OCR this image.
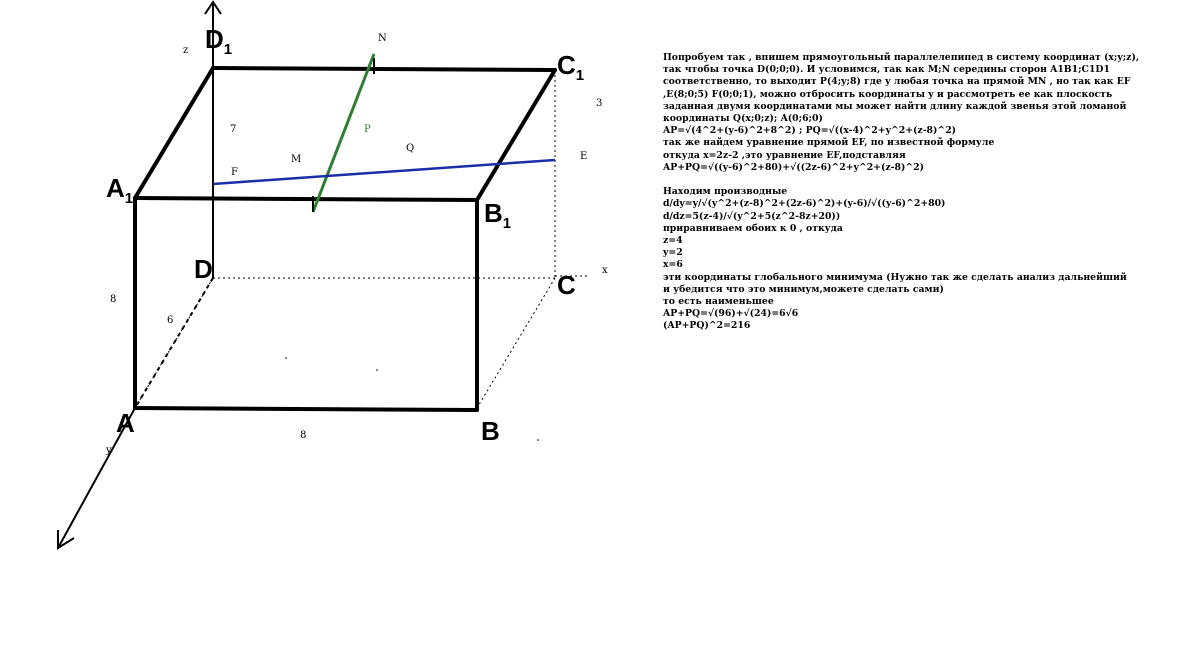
D1
C1
A1	B1
D
C
A	B
z
x
y
N
M
P
Q
F
E
7
3
8
6
8
Попробуем так , впишем прямоугольный параллелепипед в систему координат (x;y;z),
так чтобы точка D(0;0;0). И условимся, так как M;N середины сторон A1B1;C1D1
соответственно, то выходит P(4;y;8) где y любая точка на прямой MN , но так как EF
,E(8;0;5) F(0;0;1), можно отбросить координаты y и рассмотреть ее как плоскость
заданная двумя координатами мы может найти длину каждой звенья этой ломаной
координаты Q(x;0;z); A(0;6;0)
AP=√(4^2+(y-6)^2+8^2) ; PQ=√((x-4)^2+y^2+(z-8)^2)
так же найдем уравнение прямой EF, по известной формуле
откуда x=2z-2 ,это уравнение EF,подставляя
AP+PQ=√((y-6)^2+80)+√((2z-6)^2+y^2+(z-8)^2)
Находим производные
d/dy=y/√(y^2+(z-8)^2+(2z-6)^2)+(y-6)/√((y-6)^2+80)
d/dz=5(z-4)/√(y^2+5(z^2-8z+20))
приравниваем обоих к 0 , откуда
z=4
y=2
x=6
эти координаты глобального минимума (Нужно так же сделать анализ дальнейший
и убедится что это минимум,можете сделать сами)
то есть наименьшее
AP+PQ=√(96)+√(24)=6√6
(AP+PQ)^2=216
